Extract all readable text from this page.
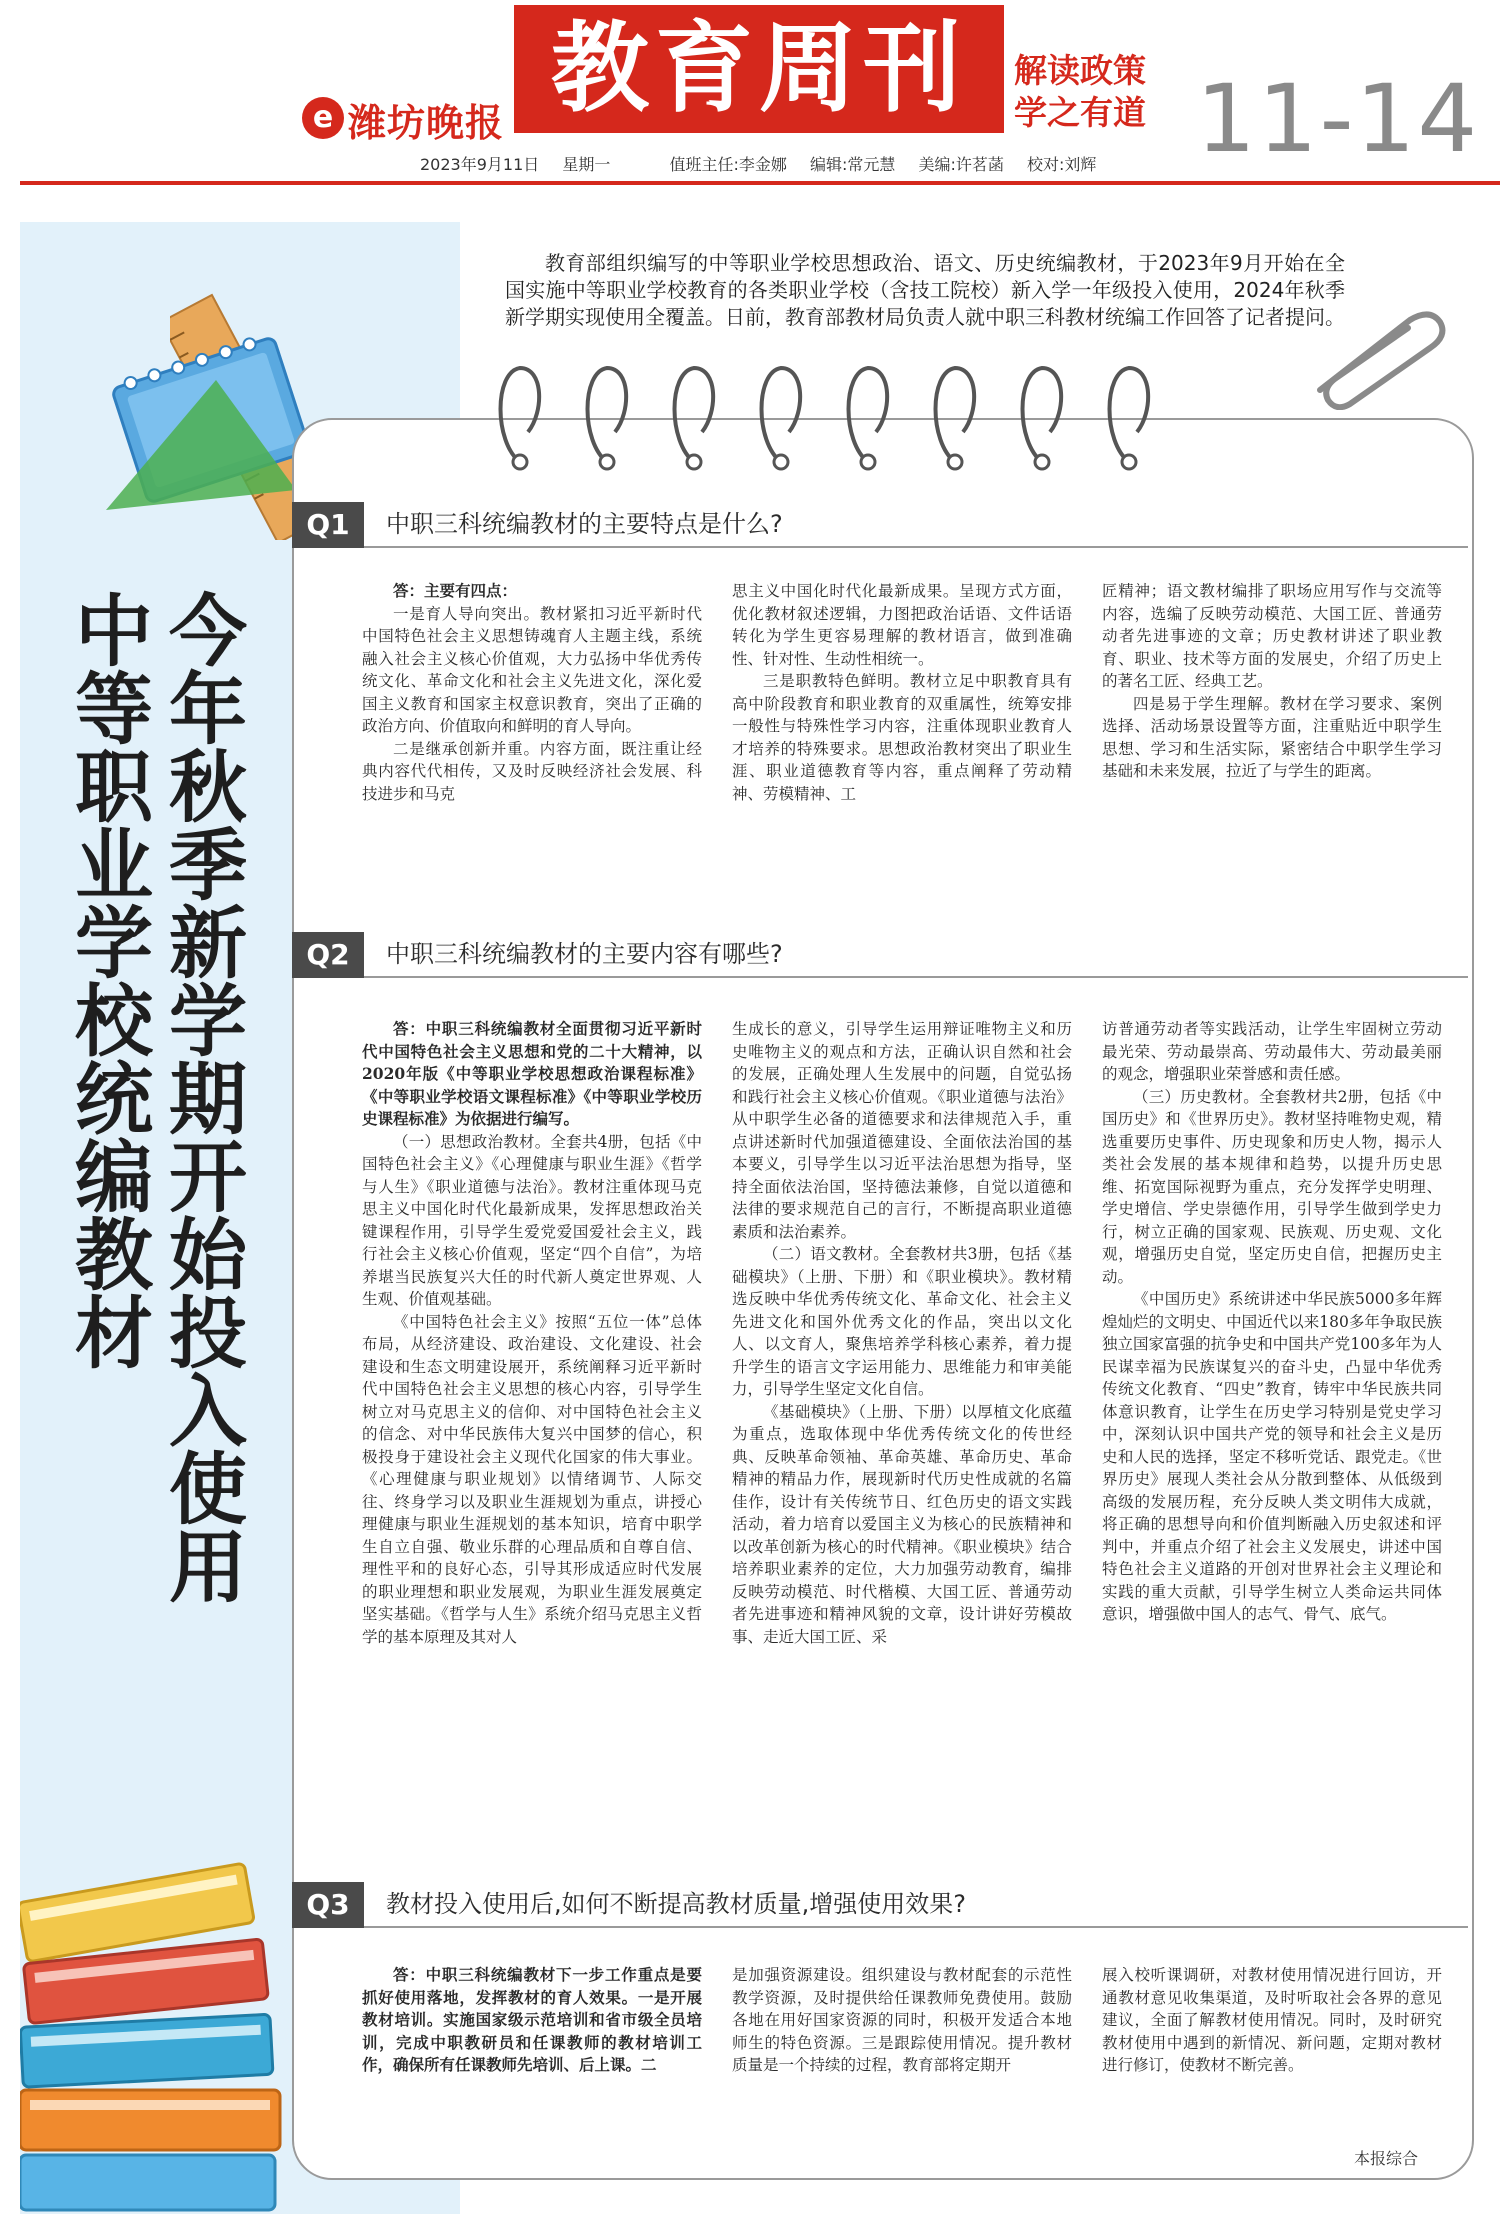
e 潍坊晚报 教育周刊	解读政策
学之有道 11-14
2023年9月11日 星期一	值班主任:李金娜 编辑:常元慧 美编:许茗菡 校对:刘辉
今年秋季新学期开始投入使用
中等职业学校统编教材
教育部组织编写的中等职业学校思想政治、语文、历史统编教材，于2023年9月开始在全国实施中等职业学校教育的各类职业学校（含技工院校）新入学一年级投入使用，2024年秋季新学期实现使用全覆盖。日前，教育部教材局负责人就中职三科教材统编工作回答了记者提问。
Q1	中职三科统编教材的主要特点是什么?

答：主要有四点：

一是育人导向突出。教材紧扣习近平新时代中国特色社会主义思想铸魂育人主题主线，系统融入社会主义核心价值观，大力弘扬中华优秀传统文化、革命文化和社会主义先进文化，深化爱国主义教育和国家主权意识教育，突出了正确的政治方向、价值取向和鲜明的育人导向。

二是继承创新并重。内容方面，既注重让经典内容代代相传，又及时反映经济社会发展、科技进步和马克

思主义中国化时代化最新成果。呈现方式方面，优化教材叙述逻辑，力图把政治话语、文件话语转化为学生更容易理解的教材语言，做到准确性、针对性、生动性相统一。

三是职教特色鲜明。教材立足中职教育具有高中阶段教育和职业教育的双重属性，统筹安排一般性与特殊性学习内容，注重体现职业教育人才培养的特殊要求。思想政治教材突出了职业生涯、职业道德教育等内容，重点阐释了劳动精神、劳模精神、工

匠精神；语文教材编排了职场应用写作与交流等内容，选编了反映劳动模范、大国工匠、普通劳动者先进事迹的文章；历史教材讲述了职业教育、职业、技术等方面的发展史，介绍了历史上的著名工匠、经典工艺。

四是易于学生理解。教材在学习要求、案例选择、活动场景设置等方面，注重贴近中职学生思想、学习和生活实际，紧密结合中职学生学习基础和未来发展，拉近了与学生的距离。

Q2	中职三科统编教材的主要内容有哪些?

答：中职三科统编教材全面贯彻习近平新时代中国特色社会主义思想和党的二十大精神，以2020年版《中等职业学校思想政治课程标准》《中等职业学校语文课程标准》《中等职业学校历史课程标准》为依据进行编写。

（一）思想政治教材。全套共4册，包括《中国特色社会主义》《心理健康与职业生涯》《哲学与人生》《职业道德与法治》。教材注重体现马克思主义中国化时代化最新成果，发挥思想政治关键课程作用，引导学生爱党爱国爱社会主义，践行社会主义核心价值观，坚定“四个自信”，为培养堪当民族复兴大任的时代新人奠定世界观、人生观、价值观基础。

《中国特色社会主义》按照“五位一体”总体布局，从经济建设、政治建设、文化建设、社会建设和生态文明建设展开，系统阐释习近平新时代中国特色社会主义思想的核心内容，引导学生树立对马克思主义的信仰、对中国特色社会主义的信念、对中华民族伟大复兴中国梦的信心，积极投身于建设社会主义现代化国家的伟大事业。《心理健康与职业规划》以情绪调节、人际交往、终身学习以及职业生涯规划为重点，讲授心理健康与职业生涯规划的基本知识，培育中职学生自立自强、敬业乐群的心理品质和自尊自信、理性平和的良好心态，引导其形成适应时代发展的职业理想和职业发展观，为职业生涯发展奠定坚实基础。《哲学与人生》系统介绍马克思主义哲学的基本原理及其对人

生成长的意义，引导学生运用辩证唯物主义和历史唯物主义的观点和方法，正确认识自然和社会的发展，正确处理人生发展中的问题，自觉弘扬和践行社会主义核心价值观。《职业道德与法治》从中职学生必备的道德要求和法律规范入手，重点讲述新时代加强道德建设、全面依法治国的基本要义，引导学生以习近平法治思想为指导，坚持全面依法治国，坚持德法兼修，自觉以道德和法律的要求规范自己的言行，不断提高职业道德素质和法治素养。

（二）语文教材。全套教材共3册，包括《基础模块》（上册、下册）和《职业模块》。教材精选反映中华优秀传统文化、革命文化、社会主义先进文化和国外优秀文化的作品，突出以文化人、以文育人，聚焦培养学科核心素养，着力提升学生的语言文字运用能力、思维能力和审美能力，引导学生坚定文化自信。

《基础模块》（上册、下册）以厚植文化底蕴为重点，选取体现中华优秀传统文化的传世经典、反映革命领袖、革命英雄、革命历史、革命精神的精品力作，展现新时代历史性成就的名篇佳作，设计有关传统节日、红色历史的语文实践活动，着力培育以爱国主义为核心的民族精神和以改革创新为核心的时代精神。《职业模块》结合培养职业素养的定位，大力加强劳动教育，编排反映劳动模范、时代楷模、大国工匠、普通劳动者先进事迹和精神风貌的文章，设计讲好劳模故事、走近大国工匠、采

访普通劳动者等实践活动，让学生牢固树立劳动最光荣、劳动最崇高、劳动最伟大、劳动最美丽的观念，增强职业荣誉感和责任感。

（三）历史教材。全套教材共2册，包括《中国历史》和《世界历史》。教材坚持唯物史观，精选重要历史事件、历史现象和历史人物，揭示人类社会发展的基本规律和趋势，以提升历史思维、拓宽国际视野为重点，充分发挥学史明理、学史增信、学史崇德作用，引导学生做到学史力行，树立正确的国家观、民族观、历史观、文化观，增强历史自觉，坚定历史自信，把握历史主动。

《中国历史》系统讲述中华民族5000多年辉煌灿烂的文明史、中国近代以来180多年争取民族独立国家富强的抗争史和中国共产党100多年为人民谋幸福为民族谋复兴的奋斗史，凸显中华优秀传统文化教育、“四史”教育，铸牢中华民族共同体意识教育，让学生在历史学习特别是党史学习中，深刻认识中国共产党的领导和社会主义是历史和人民的选择，坚定不移听党话、跟党走。《世界历史》展现人类社会从分散到整体、从低级到高级的发展历程，充分反映人类文明伟大成就，将正确的思想导向和价值判断融入历史叙述和评判中，并重点介绍了社会主义发展史，讲述中国特色社会主义道路的开创对世界社会主义理论和实践的重大贡献，引导学生树立人类命运共同体意识，增强做中国人的志气、骨气、底气。

Q3	教材投入使用后,如何不断提高教材质量,增强使用效果?

答：中职三科统编教材下一步工作重点是要抓好使用落地，发挥教材的育人效果。一是开展教材培训。实施国家级示范培训和省市级全员培训，完成中职教研员和任课教师的教材培训工作，确保所有任课教师先培训、后上课。二

是加强资源建设。组织建设与教材配套的示范性教学资源，及时提供给任课教师免费使用。鼓励各地在用好国家资源的同时，积极开发适合本地师生的特色资源。三是跟踪使用情况。提升教材质量是一个持续的过程，教育部将定期开

展入校听课调研，对教材使用情况进行回访，开通教材意见收集渠道，及时听取社会各界的意见建议，全面了解教材使用情况。同时，及时研究教材使用中遇到的新情况、新问题，定期对教材进行修订，使教材不断完善。

本报综合
